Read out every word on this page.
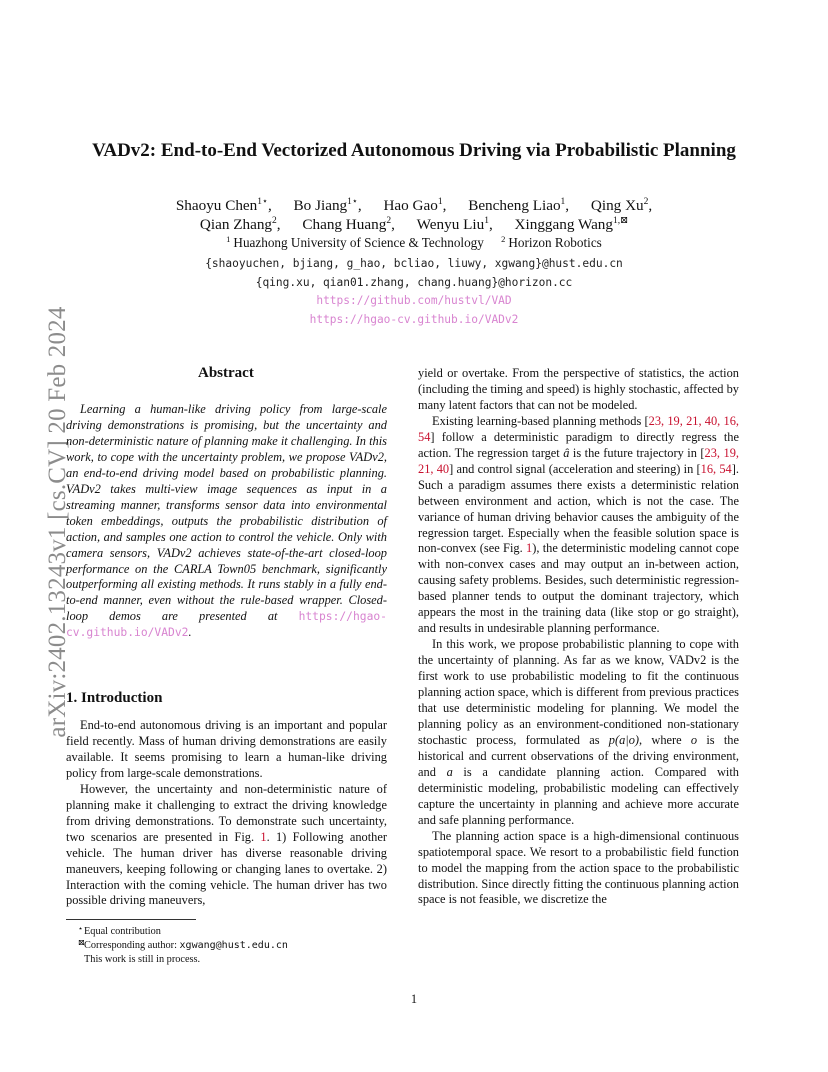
arXiv:2402.13243v1 [cs.CV] 20 Feb 2024
VADv2: End-to-End Vectorized Autonomous Driving via Probabilistic Planning
Shaoyu Chen$^{1⋆}$, Bo Jiang$^{1⋆}$, Hao Gao$^1$, Bencheng Liao$^1$, Qing Xu$^2$,
Qian Zhang$^2$, Chang Huang$^2$, Wenyu Liu$^1$, Xinggang Wang$^{1,⊠}$
$^1$ Huazhong University of Science & Technology $^2$ Horizon Robotics
{shaoyuchen, bjiang, g_hao, bcliao, liuwy, xgwang}@hust.edu.cn
{qing.xu, qian01.zhang, chang.huang}@horizon.cc
https://github.com/hustvl/VAD
https://hgao-cv.github.io/VADv2
Abstract

Learning a human-like driving policy from large-scale driving demonstrations is promising, but the uncertainty and non-deterministic nature of planning make it challenging. In this work, to cope with the uncertainty problem, we propose VADv2, an end-to-end driving model based on probabilistic planning. VADv2 takes multi-view image sequences as input in a streaming manner, transforms sensor data into environmental token embeddings, outputs the probabilistic distribution of action, and samples one action to control the vehicle. Only with camera sensors, VADv2 achieves state-of-the-art closed-loop performance on the CARLA Town05 benchmark, significantly outperforming all existing methods. It runs stably in a fully end-to-end manner, even without the rule-based wrapper. Closed-loop demos are presented at https://hgao-cv.github.io/VADv2.

1. Introduction

End-to-end autonomous driving is an important and popular field recently. Mass of human driving demonstrations are easily available. It seems promising to learn a human-like driving policy from large-scale demonstrations.

However, the uncertainty and non-deterministic nature of planning make it challenging to extract the driving knowledge from driving demonstrations. To demonstrate such uncertainty, two scenarios are presented in Fig. 1. 1) Following another vehicle. The human driver has diverse reasonable driving maneuvers, keeping following or changing lanes to overtake. 2) Interaction with the coming vehicle. The human driver has two possible driving maneuvers,

yield or overtake. From the perspective of statistics, the action (including the timing and speed) is highly stochastic, affected by many latent factors that can not be modeled.

Existing learning-based planning methods [23, 19, 21, 40, 16, 54] follow a deterministic paradigm to directly regress the action. The regression target â is the future trajectory in [23, 19, 21, 40] and control signal (acceleration and steering) in [16, 54]. Such a paradigm assumes there exists a deterministic relation between environment and action, which is not the case. The variance of human driving behavior causes the ambiguity of the regression target. Especially when the feasible solution space is non-convex (see Fig. 1), the deterministic modeling cannot cope with non-convex cases and may output an in-between action, causing safety problems. Besides, such deterministic regression-based planner tends to output the dominant trajectory, which appears the most in the training data (like stop or go straight), and results in undesirable planning performance.

In this work, we propose probabilistic planning to cope with the uncertainty of planning. As far as we know, VADv2 is the first work to use probabilistic modeling to fit the continuous planning action space, which is different from previous practices that use deterministic modeling for planning. We model the planning policy as an environment-conditioned non-stationary stochastic process, formulated as p(a|o), where o is the historical and current observations of the driving environment, and a is a candidate planning action. Compared with deterministic modeling, probabilistic modeling can effectively capture the uncertainty in planning and achieve more accurate and safe planning performance.

The planning action space is a high-dimensional continuous spatiotemporal space. We resort to a probabilistic field function to model the mapping from the action space to the probabilistic distribution. Since directly fitting the continuous planning action space is not feasible, we discretize the

⋆ Equal contribution
⊠ Corresponding author: xgwang@hust.edu.cn
This work is still in process.
1
